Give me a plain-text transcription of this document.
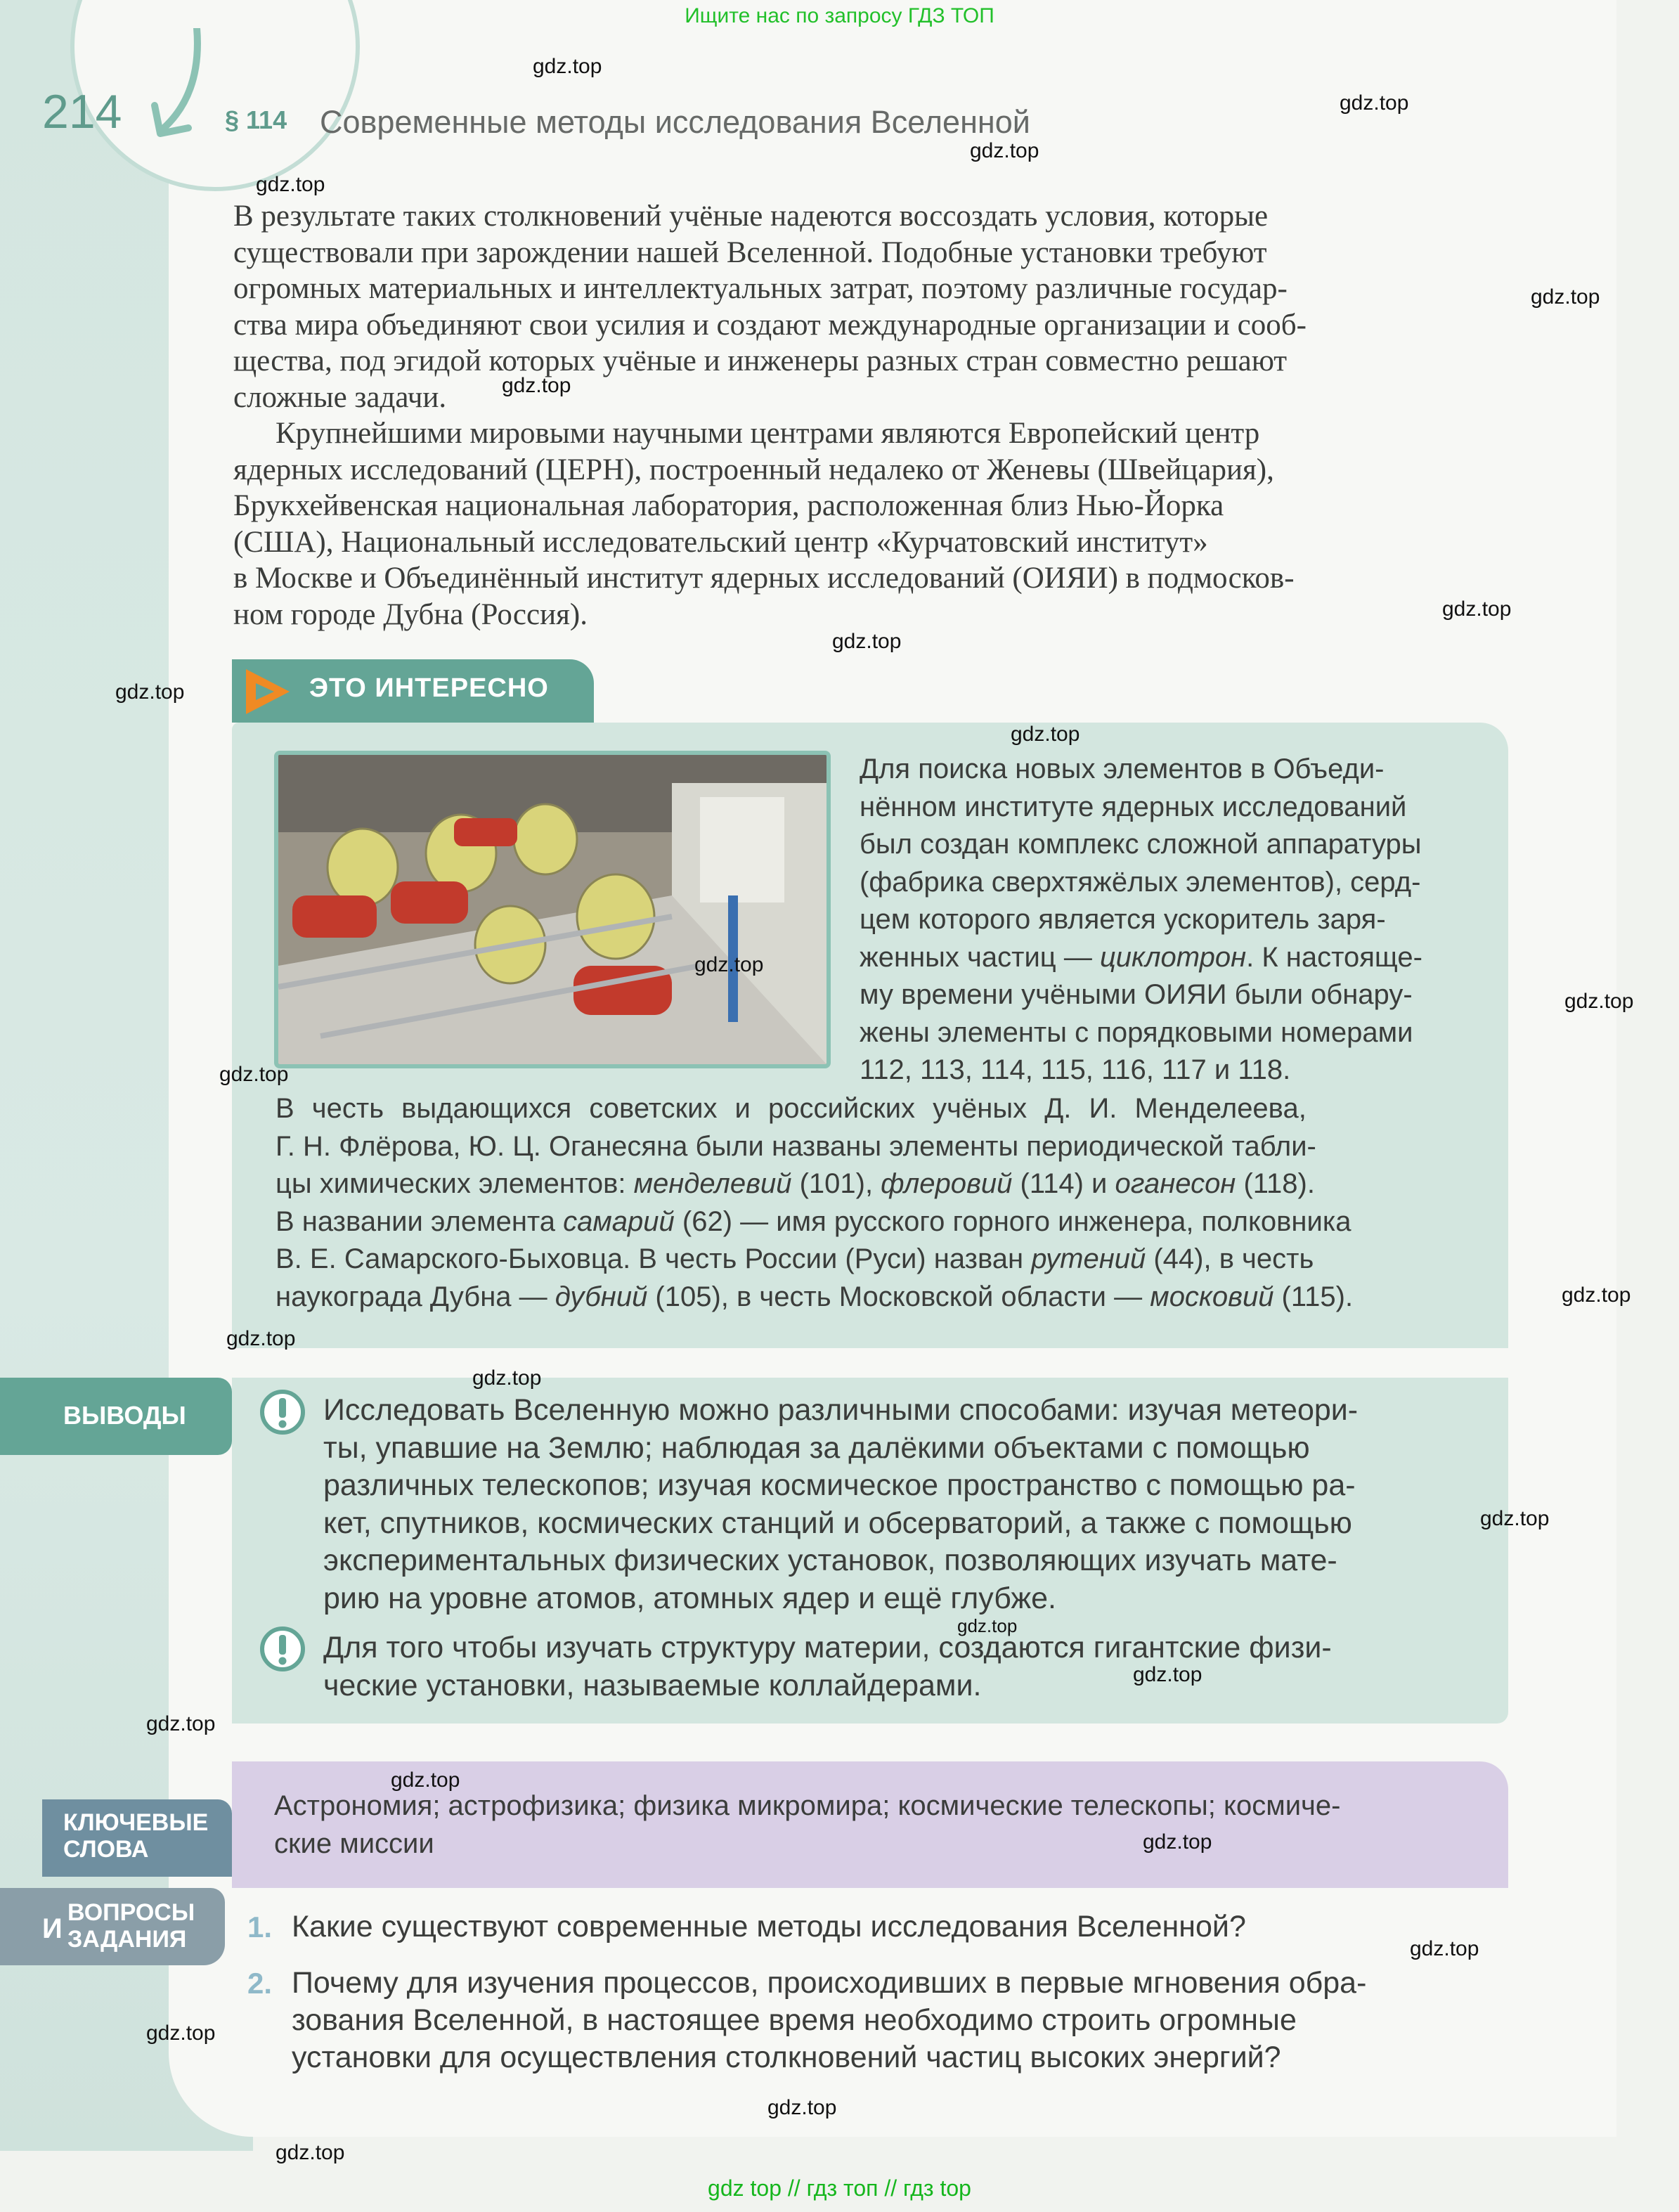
Ищите нас по запросу ГДЗ ТОП
214	§ 114 Современные методы исследования Вселенной
В результате таких столкновений учёные надеются воссоздать условия, которые
существовали при зарождении нашей Вселенной. Подобные установки требуют
огромных материальных и интеллектуальных затрат, поэтому различные государ-
ства мира объединяют свои усилия и создают международные организации и сооб-
щества, под эгидой которых учёные и инженеры разных стран совместно решают
сложные задачи.
Крупнейшими мировыми научными центрами являются Европейский центр
ядерных исследований (ЦЕРН), построенный недалеко от Женевы (Швейцария),
Брукхейвенская национальная лаборатория, расположенная близ Нью-Йорка
(США), Национальный исследовательский центр «Курчатовский институт»
в Москве и Объединённый институт ядерных исследований (ОИЯИ) в подмосков-
ном городе Дубна (Россия).
ЭТО ИНТЕРЕСНО
Для поиска новых элементов в Объеди-
нённом институте ядерных исследований
был создан комплекс сложной аппаратуры
(фабрика сверхтяжёлых элементов), серд-
цем которого является ускоритель заря-
женных частиц — циклотрон. К настояще-
му времени учёными ОИЯИ были обнару-
жены элементы с порядковыми номерами
112, 113, 114, 115, 116, 117 и 118.
В честь выдающихся советских и российских учёных Д. И. Менделеева,
Г. Н. Флёрова, Ю. Ц. Оганесяна были названы элементы периодической табли-
цы химических элементов: менделевий (101), флеровий (114) и оганесон (118).
В названии элемента самарий (62) — имя русского горного инженера, полковника
В. Е. Самарского-Быховца. В честь России (Руси) назван рутений (44), в честь
наукограда Дубна — дубний (105), в честь Московской области — московий (115).
ВЫВОДЫ	Исследовать Вселенную можно различными способами: изучая метеори-
ты, упавшие на Землю; наблюдая за далёкими объектами с помощью
различных телескопов; изучая космическое пространство с помощью ра-
кет, спутников, космических станций и обсерваторий, а также с помощью
экспериментальных физических установок, позволяющих изучать мате-
рию на уровне атомов, атомных ядер и ещё глубже.
Для того чтобы изучать структуру материи, создаются гигантские физи-
ческие установки, называемые коллайдерами.
КЛЮЧЕВЫЕ
СЛОВА
Астрономия; астрофизика; физика микромира; космические телескопы; космиче-
ские миссии
И
ВОПРОСЫ
ЗАДАНИЯ 1. Какие существуют современные методы исследования Вселенной?
2. Почему для изучения процессов, происходивших в первые мгновения обра-
зования Вселенной, в настоящее время необходимо строить огромные
установки для осуществления столкновений частиц высоких энергий?
gdz.top
gdz.top
gdz.top
gdz.top
gdz.top
gdz.top
gdz.top
gdz.top
gdz.top
gdz.top
gdz.top
gdz.top
gdz.top
gdz.top
gdz.top
gdz.top
gdz.top
gdz.top
gdz.top
gdz.top
gdz.top
gdz.top
gdz.top
gdz.top
gdz.top
gdz.top
gdz top // гдз топ // гдз top
